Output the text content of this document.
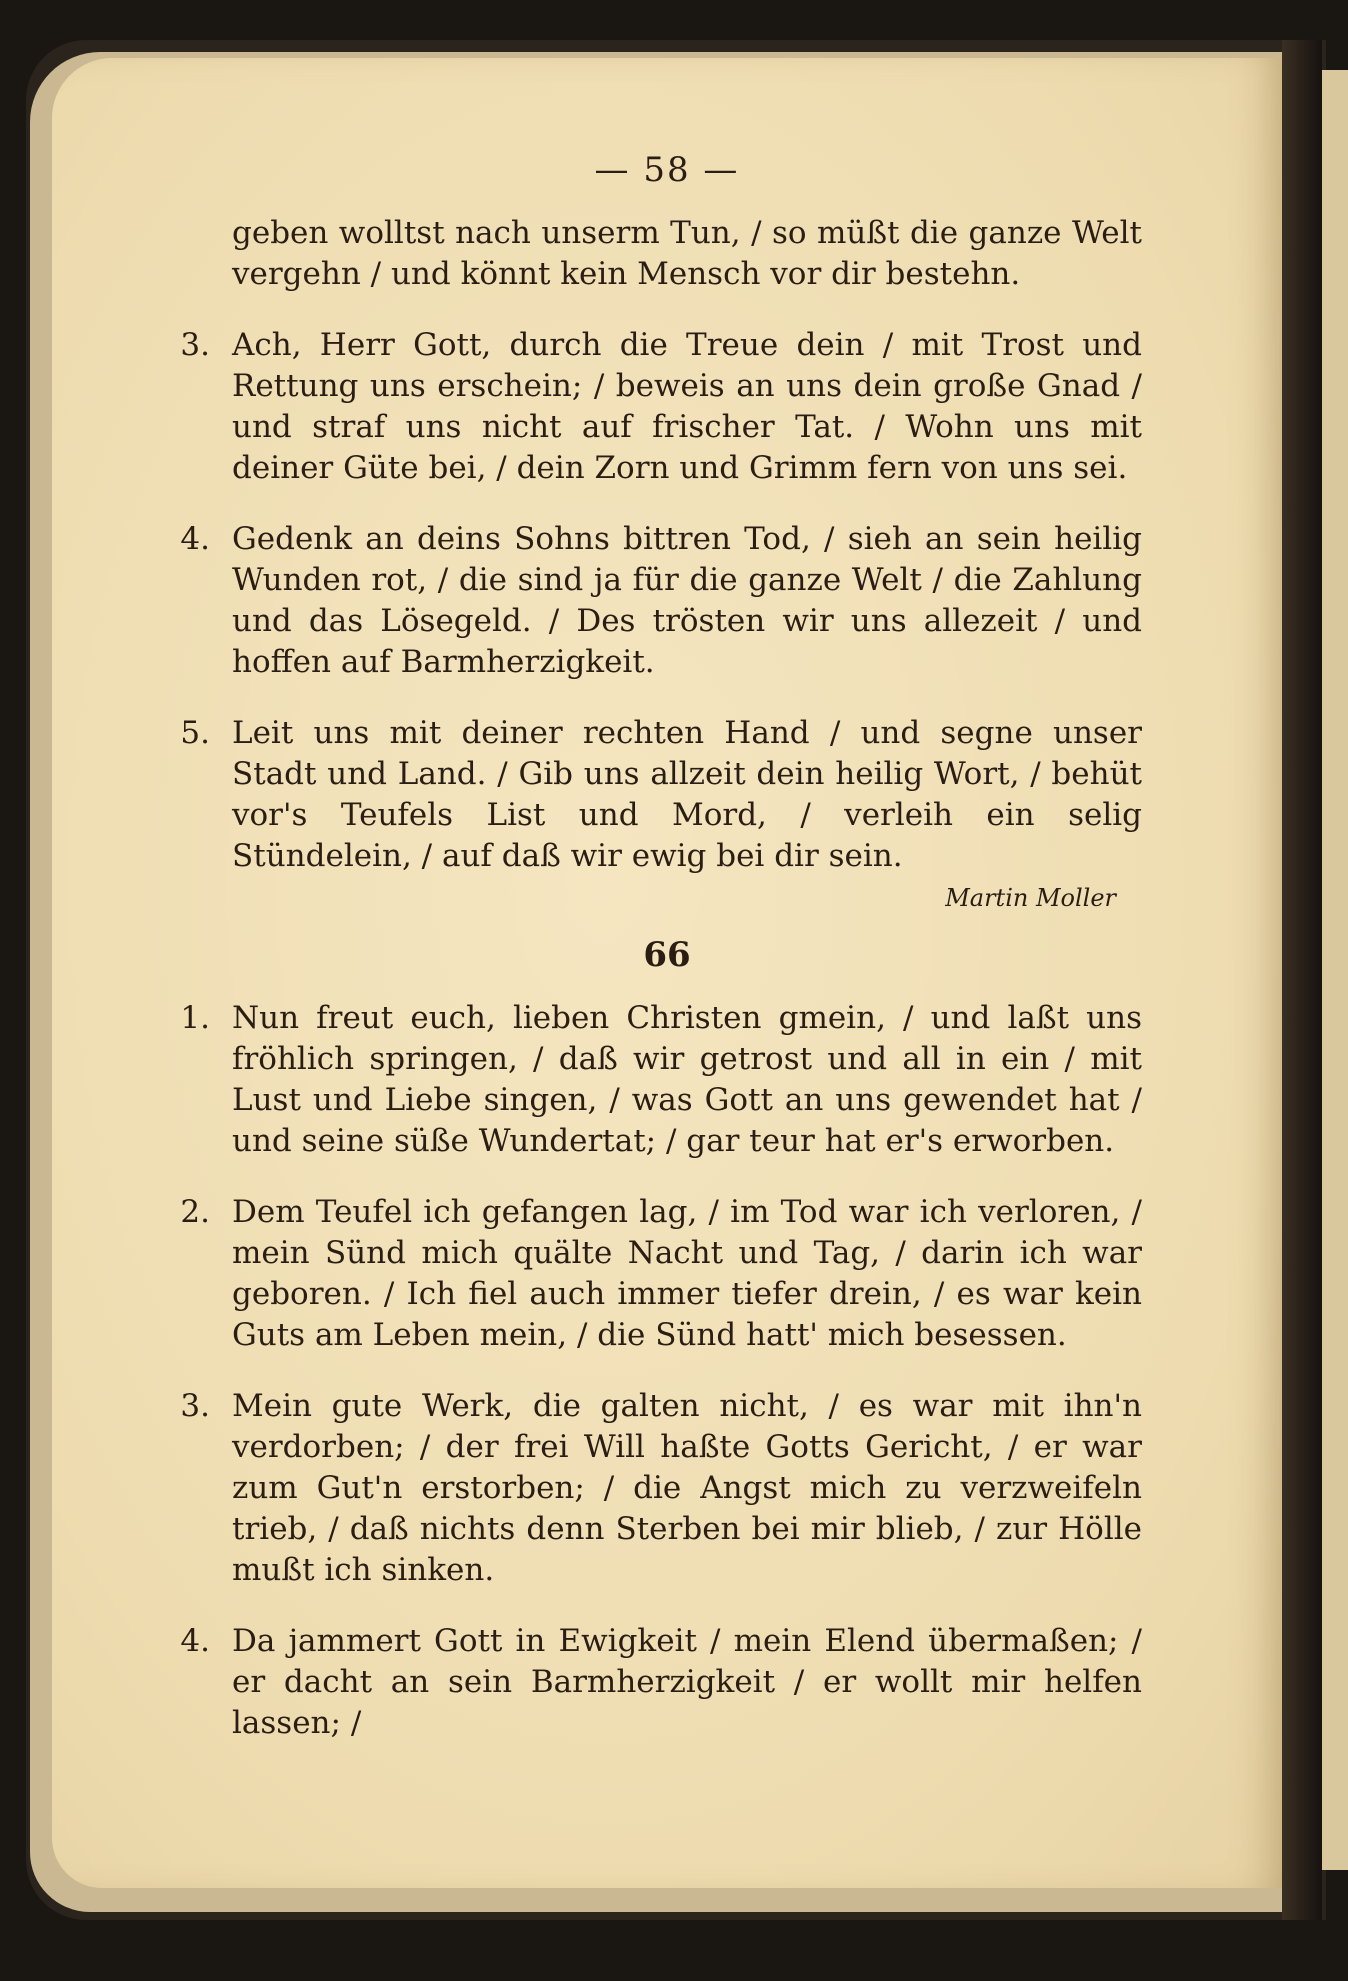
— 58 —
geben wolltst nach unserm Tun, / so müßt die ganze Welt vergehn / und könnt kein Mensch vor dir bestehn.
3. Ach, Herr Gott, durch die Treue dein / mit Trost und Rettung uns erschein; / beweis an uns dein große Gnad / und straf uns nicht auf frischer Tat. / Wohn uns mit deiner Güte bei, / dein Zorn und Grimm fern von uns sei.
4. Gedenk an deins Sohns bittren Tod, / sieh an sein heilig Wunden rot, / die sind ja für die ganze Welt / die Zahlung und das Lösegeld. / Des trösten wir uns allezeit / und hoffen auf Barmherzigkeit.
5. Leit uns mit deiner rechten Hand / und segne unser Stadt und Land. / Gib uns allzeit dein heilig Wort, / behüt vor's Teufels List und Mord, / verleih ein selig Stündelein, / auf daß wir ewig bei dir sein.
Martin Moller
66
1. Nun freut euch, lieben Christen gmein, / und laßt uns fröhlich springen, / daß wir getrost und all in ein / mit Lust und Liebe singen, / was Gott an uns gewendet hat / und seine süße Wundertat; / gar teur hat er's erworben.
2. Dem Teufel ich gefangen lag, / im Tod war ich verloren, / mein Sünd mich quälte Nacht und Tag, / darin ich war geboren. / Ich fiel auch immer tiefer drein, / es war kein Guts am Leben mein, / die Sünd hatt' mich besessen.
3. Mein gute Werk, die galten nicht, / es war mit ihn'n verdorben; / der frei Will haßte Gotts Gericht, / er war zum Gut'n erstorben; / die Angst mich zu verzweifeln trieb, / daß nichts denn Sterben bei mir blieb, / zur Hölle mußt ich sinken.
4. Da jammert Gott in Ewigkeit / mein Elend übermaßen; / er dacht an sein Barmherzigkeit / er wollt mir helfen lassen; /
